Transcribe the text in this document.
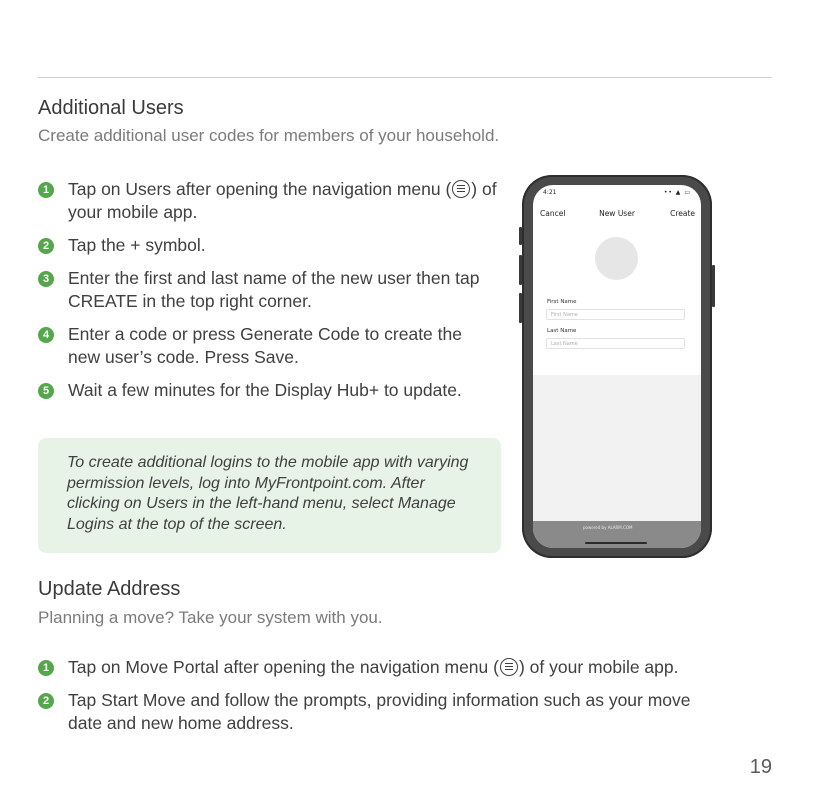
Additional Users

Create additional user codes for members of your household.

1 Tap on Users after opening the navigation menu ( ) of your mobile app.
2 Tap the + symbol.
3 Enter the first and last name of the new user then tap CREATE in the top right corner.
4 Enter a code or press Generate Code to create the new user’s code. Press Save.
5 Wait a few minutes for the Display Hub+ to update.
To create additional logins to the mobile app with varying permission levels, log into MyFrontpoint.com. After clicking on Users in the left-hand menu, select Manage Logins at the top of the screen.
4:21	•• ▲ ▭
Cancel	New User	Create
First Name
First Name
Last Name
Last Name
powered by ALARM.COM
Update Address

Planning a move? Take your system with you.

1 Tap on Move Portal after opening the navigation menu ( ) of your mobile app.
2 Tap Start Move and follow the prompts, providing information such as your move date and new home address.
19
